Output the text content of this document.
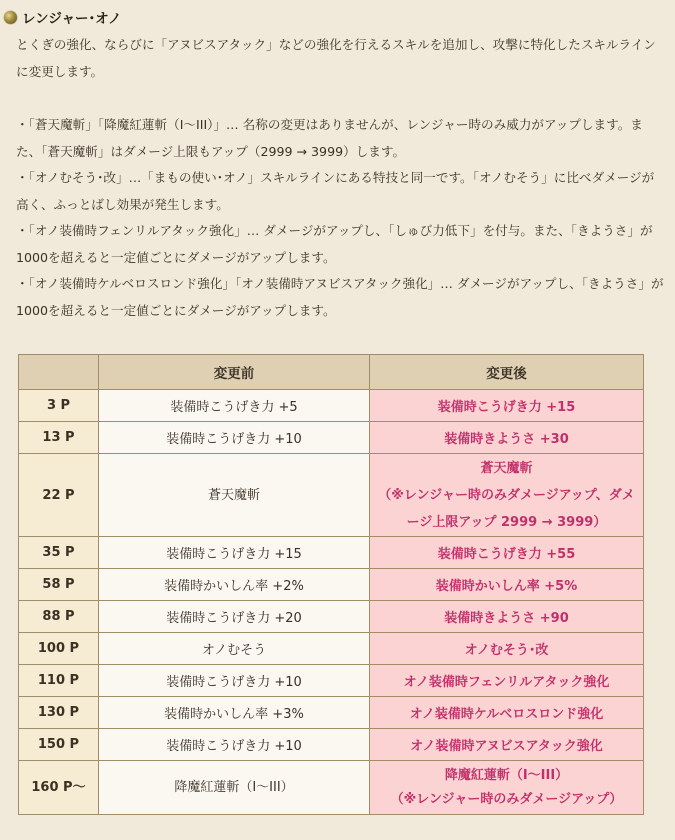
レンジャー･オノ

とくぎの強化、ならびに「アヌビスアタック」などの強化を行えるスキルを追加し、攻撃に特化したスキルラインに変更します。

・「蒼天魔斬」「降魔紅蓮斬（I～III）」… 名称の変更はありませんが、レンジャー時のみ威力がアップします。また、「蒼天魔斬」はダメージ上限もアップ（2999 → 3999）します。
・「オノむそう･改」…「まもの使い･オノ」スキルラインにある特技と同一です。「オノむそう」に比べダメージが高く、ふっとばし効果が発生します。
・「オノ装備時フェンリルアタック強化」… ダメージがアップし、「しゅび力低下」を付与。また、「きようさ」が1000を超えると一定値ごとにダメージがアップします。
・「オノ装備時ケルベロスロンド強化」「オノ装備時アヌビスアタック強化」… ダメージがアップし、「きようさ」が1000を超えると一定値ごとにダメージがアップします。
	変更前	変更後
3 P	装備時こうげき力 +5	装備時こうげき力 +15
13 P	装備時こうげき力 +10	装備時きようさ +30
22 P	蒼天魔斬	蒼天魔斬
（※レンジャー時のみダメージアップ、ダメージ上限アップ 2999 → 3999）

35 P	装備時こうげき力 +15	装備時こうげき力 +55
58 P	装備時かいしん率 +2%	装備時かいしん率 +5%
88 P	装備時こうげき力 +20	装備時きようさ +90
100 P	オノむそう	オノむそう･改
110 P	装備時こうげき力 +10	オノ装備時フェンリルアタック強化
130 P	装備時かいしん率 +3%	オノ装備時ケルベロスロンド強化
150 P	装備時こうげき力 +10	オノ装備時アヌビスアタック強化
160 P～	降魔紅蓮斬（I～III）	降魔紅蓮斬（I～III）
（※レンジャー時のみダメージアップ）
